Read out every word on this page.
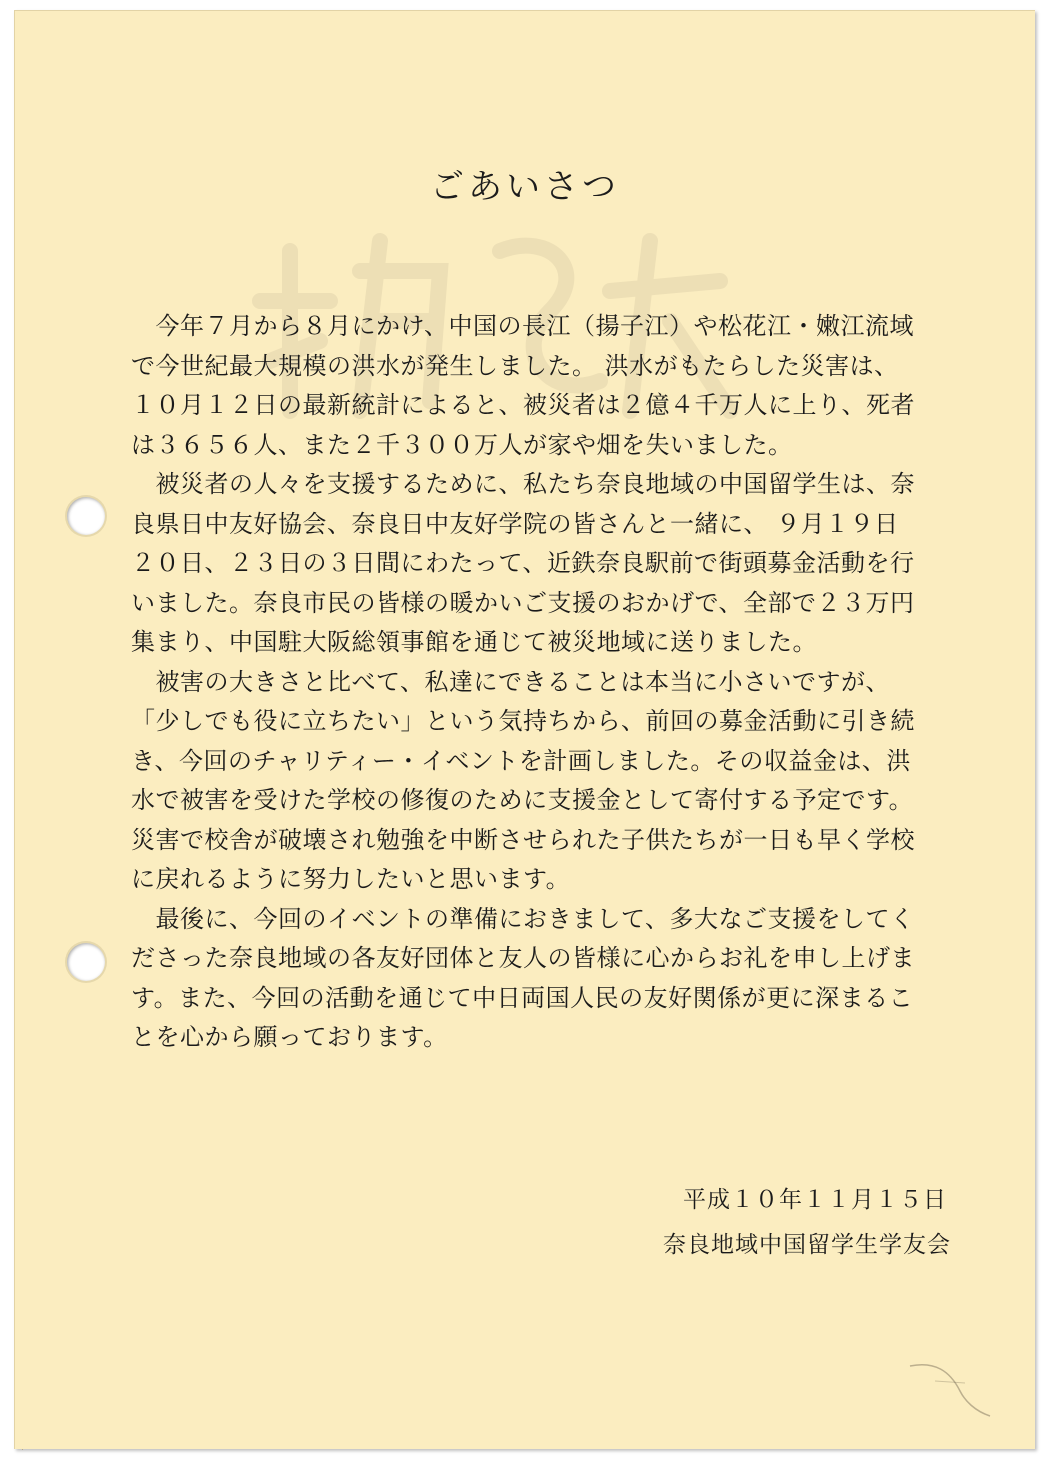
ごあいさつ
　今年７月から８月にかけ、中国の長江（揚子江）や松花江・嫩江流域
で今世紀最大規模の洪水が発生しました。 洪水がもたらした災害は、
１０月１２日の最新統計によると、被災者は２億４千万人に上り、死者
は３６５６人、また２千３００万人が家や畑を失いました。
　被災者の人々を支援するために、私たち奈良地域の中国留学生は、奈
良県日中友好協会、奈良日中友好学院の皆さんと一緒に、 ９月１９日
２０日、２３日の３日間にわたって、近鉄奈良駅前で街頭募金活動を行
いました。奈良市民の皆様の暖かいご支援のおかげで、全部で２３万円
集まり、中国駐大阪総領事館を通じて被災地域に送りました。
　被害の大きさと比べて、私達にできることは本当に小さいですが、
「少しでも役に立ちたい」という気持ちから、前回の募金活動に引き続
き、今回のチャリティー・イベントを計画しました。その収益金は、洪
水で被害を受けた学校の修復のために支援金として寄付する予定です。
災害で校舎が破壊され勉強を中断させられた子供たちが一日も早く学校
に戻れるように努力したいと思います。
　最後に、今回のイベントの準備におきまして、多大なご支援をしてく
ださった奈良地域の各友好団体と友人の皆様に心からお礼を申し上げま
す。また、今回の活動を通じて中日両国人民の友好関係が更に深まるこ
とを心から願っております。
平成１０年１１月１５日
奈良地域中国留学生学友会
